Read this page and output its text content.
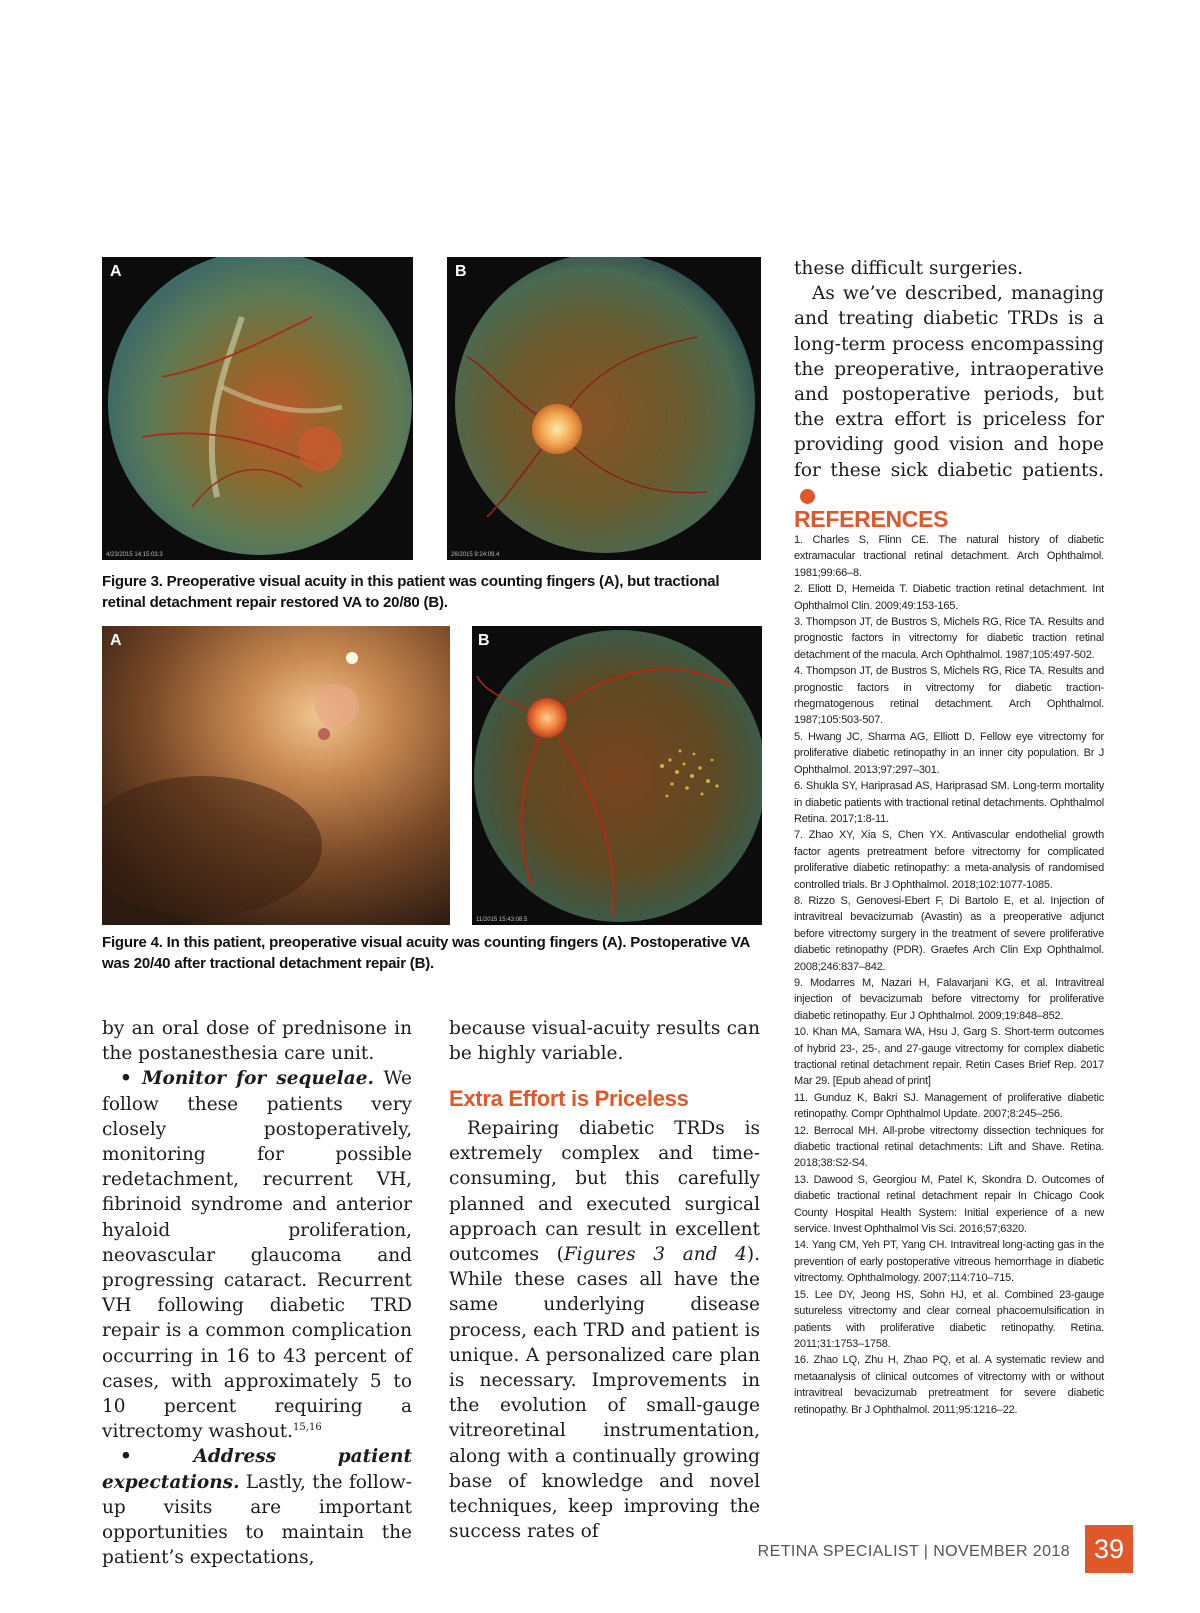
A
4/23/2015 14:15:03.3
B
26/2015 9:24:09.4
Figure 3. Preoperative visual acuity in this patient was counting fingers (A), but tractional retinal detachment repair restored VA to 20/80 (B).
A	B
11/2015 15:43:08.5
Figure 4. In this patient, preoperative visual acuity was counting fingers (A). Postoperative VA was 20/40 after tractional detachment repair (B).

these difficult surgeries.

As we’ve described, managing and treating diabetic TRDs is a long-term process encompassing the preoperative, intraoperative and postoperative periods, but the extra effort is priceless for providing good vision and hope for these sick diabetic patients.RS

REFERENCES

1. Charles S, Flinn CE. The natural history of diabetic extramacular tractional retinal detachment. Arch Ophthalmol. 1981;99:66–8.

2. Eliott D, Hemeida T. Diabetic traction retinal detachment. Int Ophthalmol Clin. 2009;49:153-165.

3. Thompson JT, de Bustros S, Michels RG, Rice TA. Results and prognostic factors in vitrectomy for diabetic traction retinal detachment of the macula. Arch Ophthalmol. 1987;105:497-502.

4. Thompson JT, de Bustros S, Michels RG, Rice TA. Results and prognostic factors in vitrectomy for diabetic traction-rhegmatogenous retinal detachment. Arch Ophthalmol. 1987;105:503-507.

5. Hwang JC, Sharma AG, Elliott D. Fellow eye vitrectomy for proliferative diabetic retinopathy in an inner city population. Br J Ophthalmol. 2013;97:297–301.

6. Shukla SY, Hariprasad AS, Hariprasad SM. Long-term mortality in diabetic patients with tractional retinal detachments. Ophthalmol Retina. 2017;1:8-11.

7. Zhao XY, Xia S, Chen YX. Antivascular endothelial growth factor agents pretreatment before vitrectomy for complicated proliferative diabetic retinopathy: a meta-analysis of randomised controlled trials. Br J Ophthalmol. 2018;102:1077-1085.

8. Rizzo S, Genovesi-Ebert F, Di Bartolo E, et al. Injection of intravitreal bevacizumab (Avastin) as a preoperative adjunct before vitrectomy surgery in the treatment of severe proliferative diabetic retinopathy (PDR). Graefes Arch Clin Exp Ophthalmol. 2008;246:837–842.

9. Modarres M, Nazari H, Falavarjani KG, et al. Intravitreal injection of bevacizumab before vitrectomy for proliferative diabetic retinopathy. Eur J Ophthalmol. 2009;19:848–852.

10. Khan MA, Samara WA, Hsu J, Garg S. Short-term outcomes of hybrid 23-, 25-, and 27-gauge vitrectomy for complex diabetic tractional retinal detachment repair. Retin Cases Brief Rep. 2017 Mar 29. [Epub ahead of print]

11. Gunduz K, Bakri SJ. Management of proliferative diabetic retinopathy. Compr Ophthalmol Update. 2007;8:245–256.

12. Berrocal MH. All-probe vitrectomy dissection techniques for diabetic tractional retinal detachments: Lift and Shave. Retina. 2018;38:S2-S4.

13. Dawood S, Georgiou M, Patel K, Skondra D. Outcomes of diabetic tractional retinal detachment repair In Chicago Cook County Hospital Health System: Initial experience of a new service. Invest Ophthalmol Vis Sci. 2016;57;6320.

14. Yang CM, Yeh PT, Yang CH. Intravitreal long-acting gas in the prevention of early postoperative vitreous hemorrhage in diabetic vitrectomy. Ophthalmology. 2007;114:710–715.

15. Lee DY, Jeong HS, Sohn HJ, et al. Combined 23-gauge sutureless vitrectomy and clear corneal phacoemulsification in patients with proliferative diabetic retinopathy. Retina. 2011;31:1753–1758.

16. Zhao LQ, Zhu H, Zhao PQ, et al. A systematic review and metaanalysis of clinical outcomes of vitrectomy with or without intravitreal bevacizumab pretreatment for severe diabetic retinopathy. Br J Ophthalmol. 2011;95:1216–22.

by an oral dose of prednisone in the postanesthesia care unit.

• Monitor for sequelae. We follow these patients very closely postoperatively, monitoring for possible redetachment, recurrent VH, fibrinoid syndrome and anterior hyaloid proliferation, neovascular glaucoma and progressing cataract. Recurrent VH following diabetic TRD repair is a common complication occurring in 16 to 43 percent of cases, with approximately 5 to 10 percent requiring a vitrectomy washout.$^{15,16}$

• Address patient expectations. Lastly, the follow-up visits are important opportunities to maintain the patient’s expectations,

because visual-acuity results can be highly variable.

Extra Effort is Priceless

Repairing diabetic TRDs is extremely complex and time-consuming, but this carefully planned and executed surgical approach can result in excellent outcomes (Figures 3 and 4). While these cases all have the same underlying disease process, each TRD and patient is unique. A personalized care plan is necessary. Improvements in the evolution of small-gauge vitreoretinal instrumentation, along with a continually growing base of knowledge and novel techniques, keep improving the success rates of

RETINA SPECIALIST | NOVEMBER 2018 39
